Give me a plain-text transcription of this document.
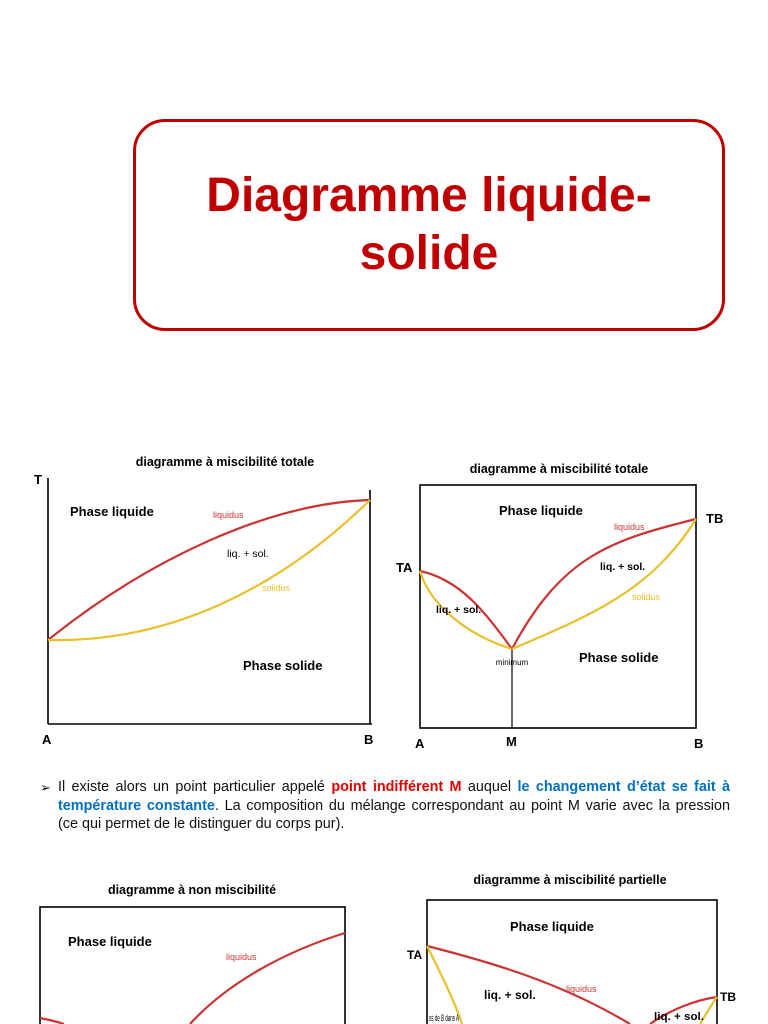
Diagramme liquide-solide
diagramme à miscibilité totale
T
Phase liquide	liquidus
liq. + sol.
solidus
Phase solide
A	B
diagramme à miscibilité totale
TA
TB
Phase liquide
liquidus
liq. + sol.
solidus
liq. + sol.
minimum	Phase solide
A	M	B
➢ Il existe alors un point particulier appelé point indifférent M auquel le changement d’état se fait à température constante. La composition du mélange correspondant au point M varie avec la pression (ce qui permet de le distinguer du corps pur).
diagramme à non miscibilité
Phase liquide
liquidus
diagramme à miscibilité partielle
TA
TB
Phase liquide
liquidus
liq. + sol.
ss de B dans A	liq. + sol.
